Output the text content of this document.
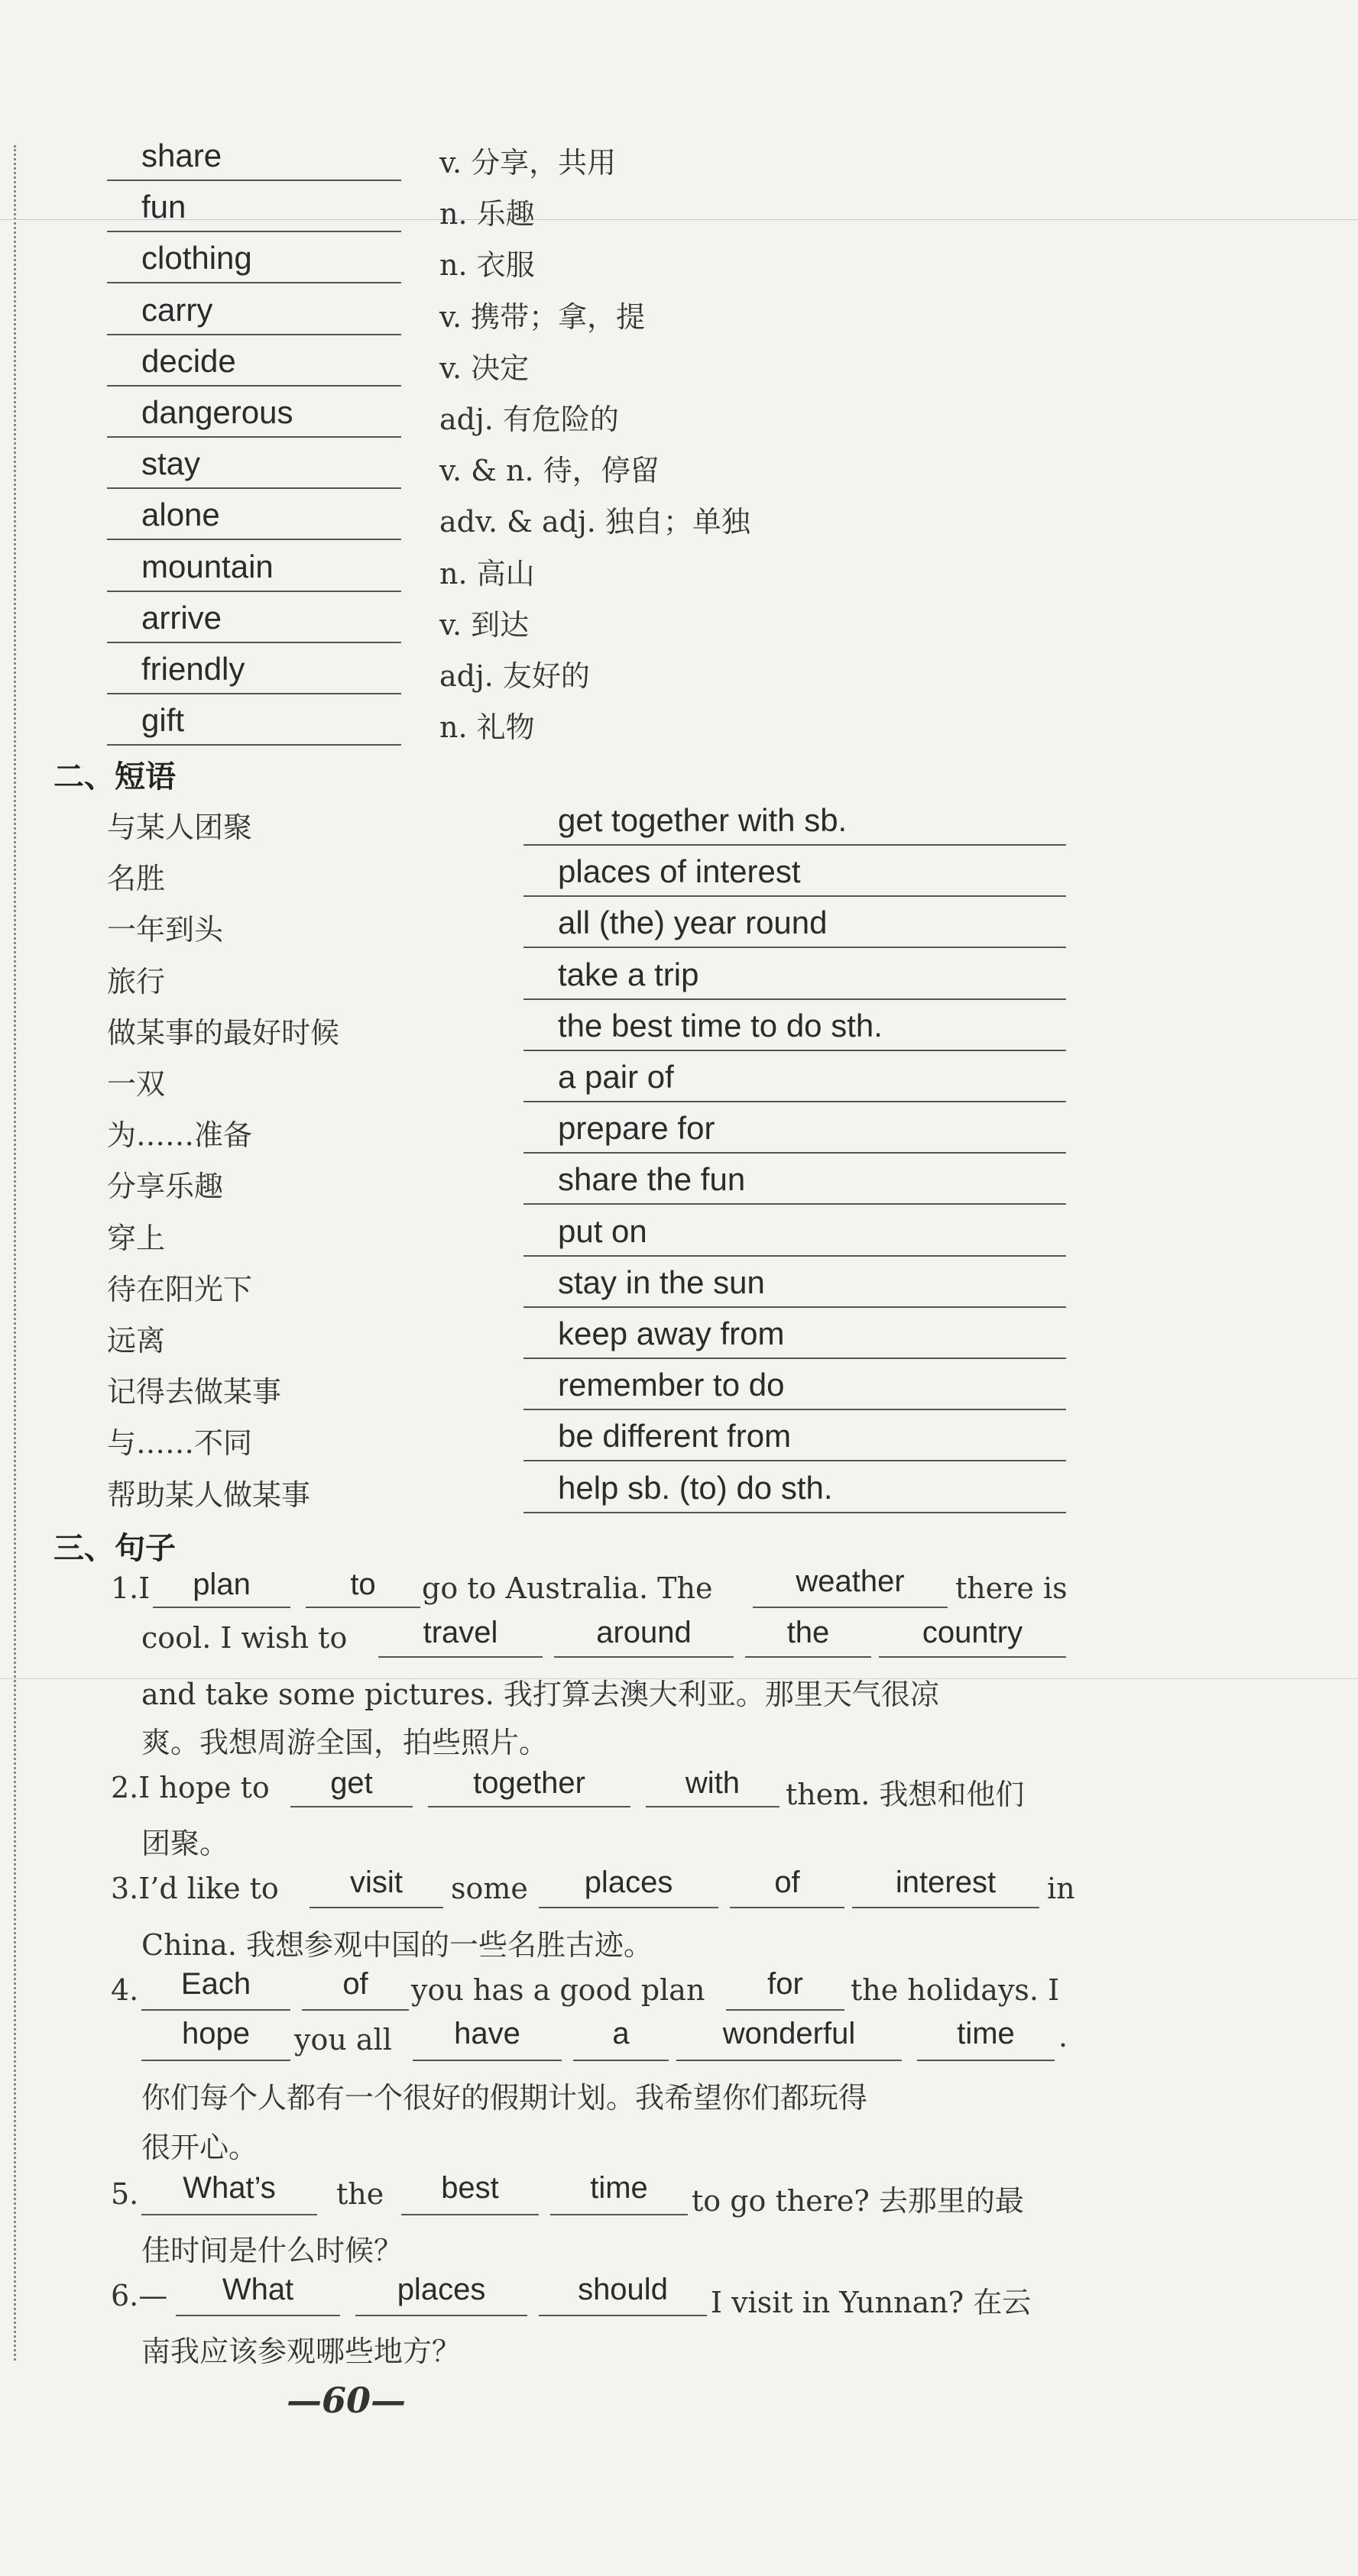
share	v. 分享，共用
fun	n. 乐趣
clothing	n. 衣服
carry	v. 携带；拿，提
decide	v. 决定
dangerous	adj. 有危险的
stay	v. & n. 待，停留
alone	adv. & adj. 独自；单独
mountain	n. 高山
arrive	v. 到达
friendly	adj. 友好的
gift	n. 礼物
二、短语
与某人团聚	get together with sb.
名胜	places of interest
一年到头	all (the) year round
旅行	take a trip
做某事的最好时候	the best time to do sth.
一双	a pair of
为……准备	prepare for
分享乐趣	share the fun
穿上	put on
待在阳光下	stay in the sun
远离	keep away from
记得去做某事	remember to do
与……不同	be different from
帮助某人做某事	help sb. (to) do sth.
三、句子
1.I	plan	to	go to Australia. The	weather	there is
cool. I wish to	travel	around	the	country
and take some pictures. 我打算去澳大利亚。那里天气很凉
爽。我想周游全国，拍些照片。
2.I hope to	get	together	with	them. 我想和他们
团聚。
3.I’d like to	visit	some	places	of	interest	in
China. 我想参观中国的一些名胜古迹。
4.	Each	of	you has a good plan	for	the holidays. I
hope	you all	have	a	wonderful	time	.
你们每个人都有一个很好的假期计划。我希望你们都玩得
很开心。
5.	What’s	the	best	time	to go there? 去那里的最
佳时间是什么时候？
6.—	What	places	should	I visit in Yunnan? 在云
南我应该参观哪些地方？
—60—
